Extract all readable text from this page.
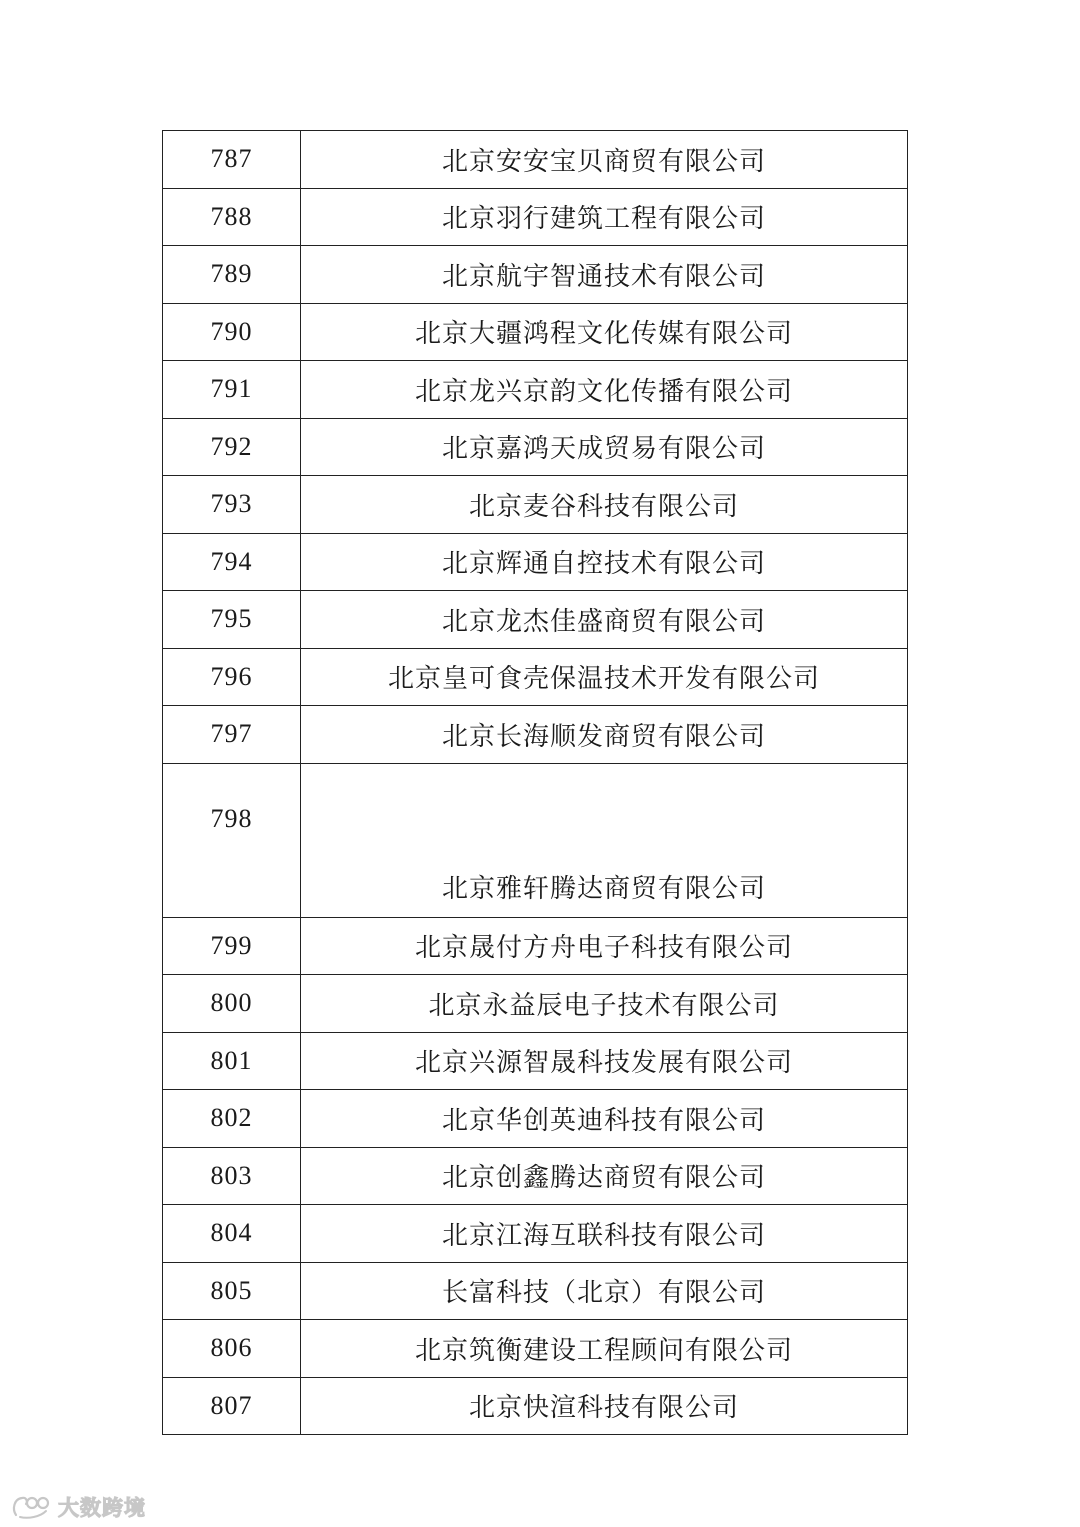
787	北京安安宝贝商贸有限公司
788	北京羽行建筑工程有限公司
789	北京航宇智通技术有限公司
790	北京大疆鸿程文化传媒有限公司
791	北京龙兴京韵文化传播有限公司
792	北京嘉鸿天成贸易有限公司
793	北京麦谷科技有限公司
794	北京辉通自控技术有限公司
795	北京龙杰佳盛商贸有限公司
796	北京皇可食壳保温技术开发有限公司
797	北京长海顺发商贸有限公司
798	北京雅轩腾达商贸有限公司
799	北京晟付方舟电子科技有限公司
800	北京永益辰电子技术有限公司
801	北京兴源智晟科技发展有限公司
802	北京华创英迪科技有限公司
803	北京创鑫腾达商贸有限公司
804	北京江海互联科技有限公司
805	长富科技（北京）有限公司
806	北京筑衡建设工程顾问有限公司
807	北京快渲科技有限公司
大数跨境
